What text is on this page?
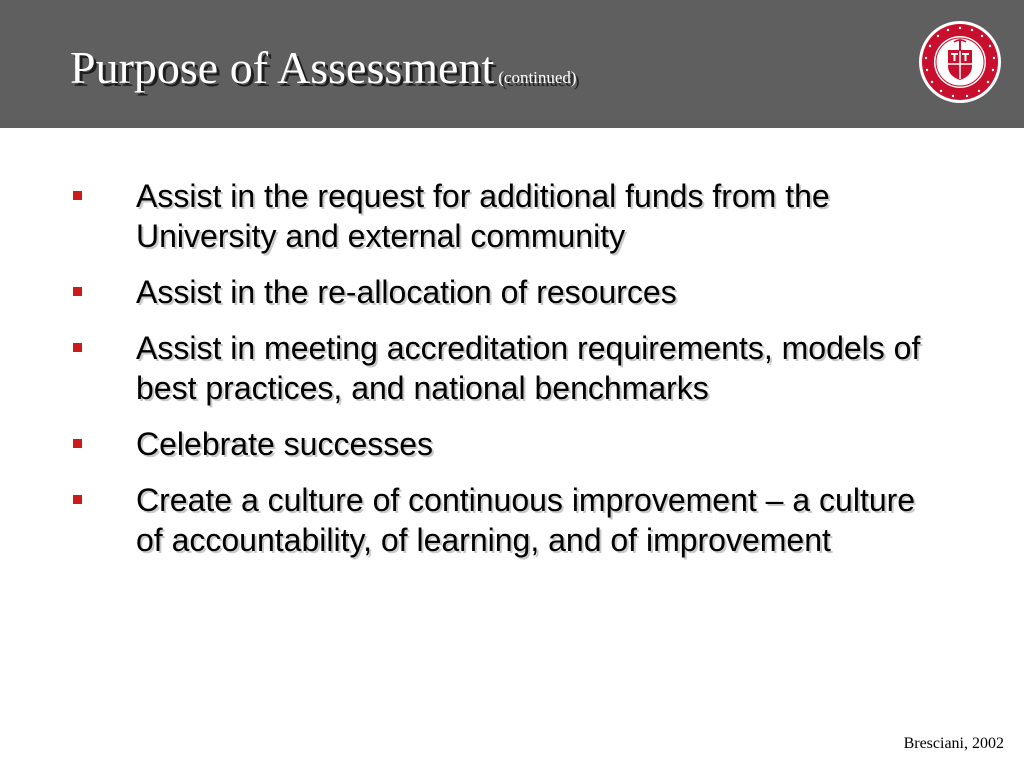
Purpose of Assessment (continued)
Assist in the request for additional funds from the University and external community
Assist in the re-allocation of resources
Assist in meeting accreditation requirements, models of best practices, and national benchmarks
Celebrate successes
Create a culture of continuous improvement – a culture of accountability, of learning, and of improvement
Bresciani, 2002
